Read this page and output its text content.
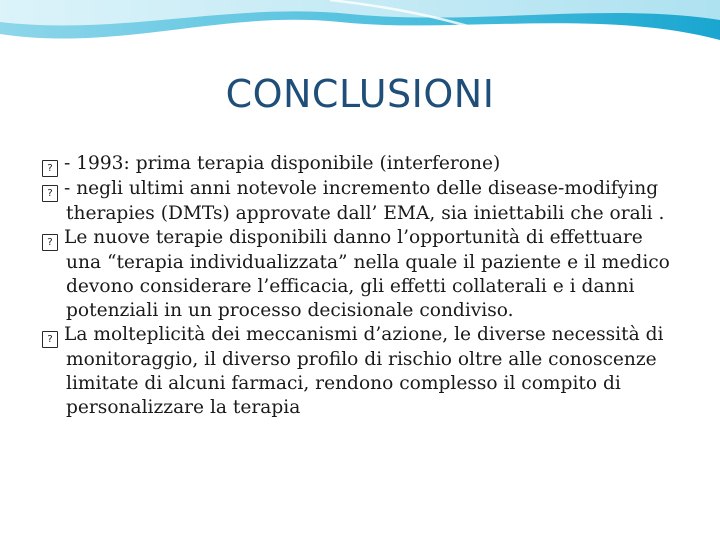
CONCLUSIONI

? - 1993: prima terapia disponibile (interferone)

? - negli ultimi anni notevole incremento delle disease-modifying therapies (DMTs) approvate dall’ EMA, sia iniettabili che orali .

? Le nuove terapie disponibili danno l’opportunità di effettuare una “terapia individualizzata” nella quale il paziente e il medico devono considerare l’efficacia, gli effetti collaterali e i danni potenziali in un processo decisionale condiviso.

? La molteplicità dei meccanismi d’azione, le diverse necessità di monitoraggio, il diverso profilo di rischio oltre alle conoscenze limitate di alcuni farmaci, rendono complesso il compito di personalizzare la terapia
